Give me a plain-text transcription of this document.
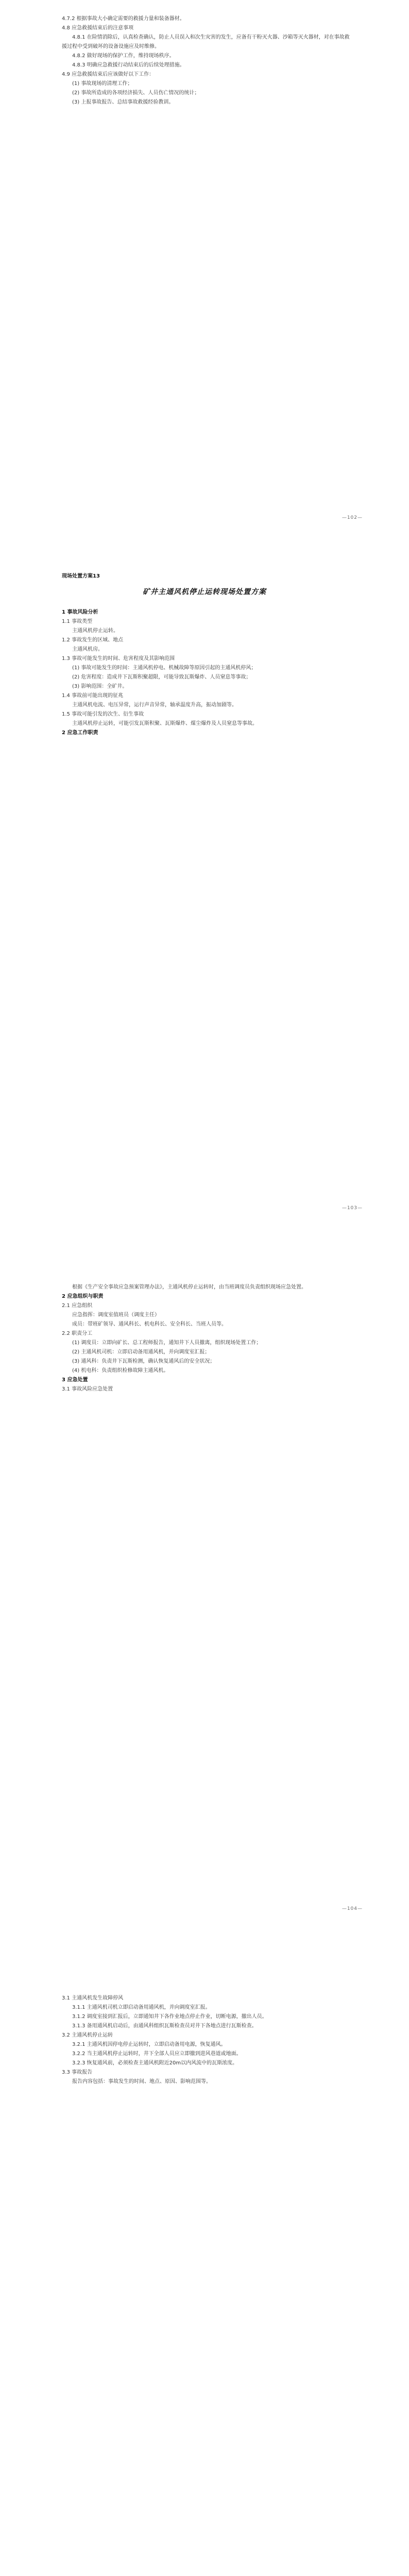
4.7.2 根据事故大小确定需要的救援力量和装备器材。
4.8 应急救援结束后的注意事项
4.8.1 在险情消除后，认真检查确认，防止人员误入和次生灾害的发生，应备有干粉灭火器、沙箱等灭火器材，对在事故救援过程中受到破坏的设备设施应及时维修。
4.8.2 做好现场的保护工作，维持现场秩序。
4.8.3 明确应急救援行动结束后的后续处理措施。
4.9 应急救援结束后应该做好以下工作：
(1) 事故现场的清理工作；
(2) 事故所造成的各项经济损失、人员伤亡情况的统计；
(3) 上报事故报告、总结事故救援经验教训。
—102—
现场处置方案13
矿井主通风机停止运转现场处置方案
1 事故风险分析
1.1 事故类型
主通风机停止运转。
1.2 事故发生的区域、地点
主通风机房。
1.3 事故可能发生的时间、危害程度及其影响范围
(1) 事故可能发生的时间：主通风机停电、机械故障等原因引起的主通风机停风；
(2) 危害程度：造成井下瓦斯积聚超限，可能导致瓦斯爆炸、人员窒息等事故；
(3) 影响范围：全矿井。
1.4 事故前可能出现的征兆
主通风机电流、电压异常，运行声音异常，轴承温度升高，振动加剧等。
1.5 事故可能引发的次生、衍生事故
主通风机停止运转，可能引发瓦斯积聚、瓦斯爆炸、煤尘爆炸及人员窒息等事故。
2 应急工作职责
—103—
根据《生产安全事故应急预案管理办法》，主通风机停止运转时，由当班调度员负责组织现场应急处置。
2 应急组织与职责
2.1 应急组织
应急指挥：调度室值班员（调度主任）
成员：带班矿领导、通风科长、机电科长、安全科长、当班人员等。
2.2 职责分工
(1) 调度员：立即向矿长、总工程师报告，通知井下人员撤离，组织现场处置工作；
(2) 主通风机司机：立即启动备用通风机，并向调度室汇报；
(3) 通风科：负责井下瓦斯检测，确认恢复通风后的安全状况；
(4) 机电科：负责组织检修故障主通风机。
3 应急处置
3.1 事故风险应急处置
—104—
3.1 主通风机发生故障停风
3.1.1 主通风机司机立即启动备用通风机，并向调度室汇报。
3.1.2 调度室接到汇报后，立即通知井下各作业地点停止作业，切断电源，撤出人员。
3.1.3 备用通风机启动后，由通风科组织瓦斯检查员对井下各地点进行瓦斯检查。
3.2 主通风机停止运转
3.2.1 主通风机因停电停止运转时，立即启动备用电源，恢复通风。
3.2.2 当主通风机停止运转时，井下全部人员应立即撤到进风巷道或地面。
3.2.3 恢复通风前，必须检查主通风机附近20m以内风流中的瓦斯浓度。
3.3 事故报告
报告内容包括：事故发生的时间、地点、原因、影响范围等。
